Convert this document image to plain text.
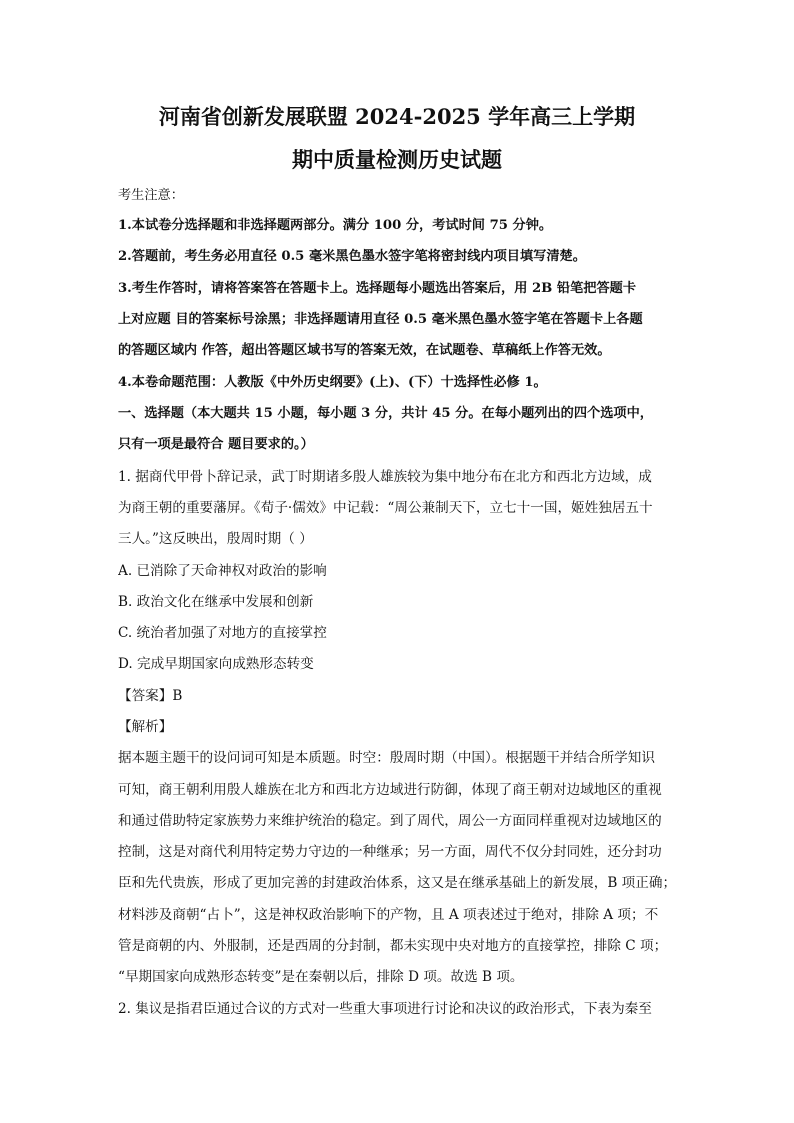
河南省创新发展联盟 2024-2025 学年高三上学期
期中质量检测历史试题
考生注意：
1.本试卷分选择题和非选择题两部分。满分 100 分，考试时间 75 分钟。
2.答题前，考生务必用直径 0.5 毫米黑色墨水签字笔将密封线内项目填写清楚。
3.考生作答时，请将答案答在答题卡上。选择题每小题选出答案后，用 2B 铅笔把答题卡
上对应题 目的答案标号涂黑；非选择题请用直径 0.5 毫米黑色墨水签字笔在答题卡上各题
的答题区域内 作答，超出答题区域书写的答案无效，在试题卷、草稿纸上作答无效。
4.本卷命题范围：人教版《中外历史纲要》(上)、(下）十选择性必修 1。
一、选择题（本大题共 15 小题，每小题 3 分，共计 45 分。在每小题列出的四个选项中，
只有一项是最符合 题目要求的。）
1. 据商代甲骨卜辞记录，武丁时期诸多殷人雄族较为集中地分布在北方和西北方边域，成
为商王朝的重要藩屏。《荀子·儒效》中记载：“周公兼制天下，立七十一国，姬姓独居五十
三人。”这反映出，殷周时期（ ）
A. 已消除了天命神权对政治的影响
B. 政治文化在继承中发展和创新
C. 统治者加强了对地方的直接掌控
D. 完成早期国家向成熟形态转变
【答案】B
【解析】
据本题主题干的设问词可知是本质题。时空：殷周时期（中国）。根据题干并结合所学知识
可知，商王朝利用殷人雄族在北方和西北方边域进行防御，体现了商王朝对边域地区的重视
和通过借助特定家族势力来维护统治的稳定。到了周代，周公一方面同样重视对边域地区的
控制，这是对商代利用特定势力守边的一种继承；另一方面，周代不仅分封同姓，还分封功
臣和先代贵族，形成了更加完善的封建政治体系，这又是在继承基础上的新发展，B 项正确；
材料涉及商朝“占卜”，这是神权政治影响下的产物，且 A 项表述过于绝对，排除 A 项；不
管是商朝的内、外服制，还是西周的分封制，都未实现中央对地方的直接掌控，排除 C 项；
“早期国家向成熟形态转变”是在秦朝以后，排除 D 项。故选 B 项。
2. 集议是指君臣通过合议的方式对一些重大事项进行讨论和决议的政治形式，下表为秦至
